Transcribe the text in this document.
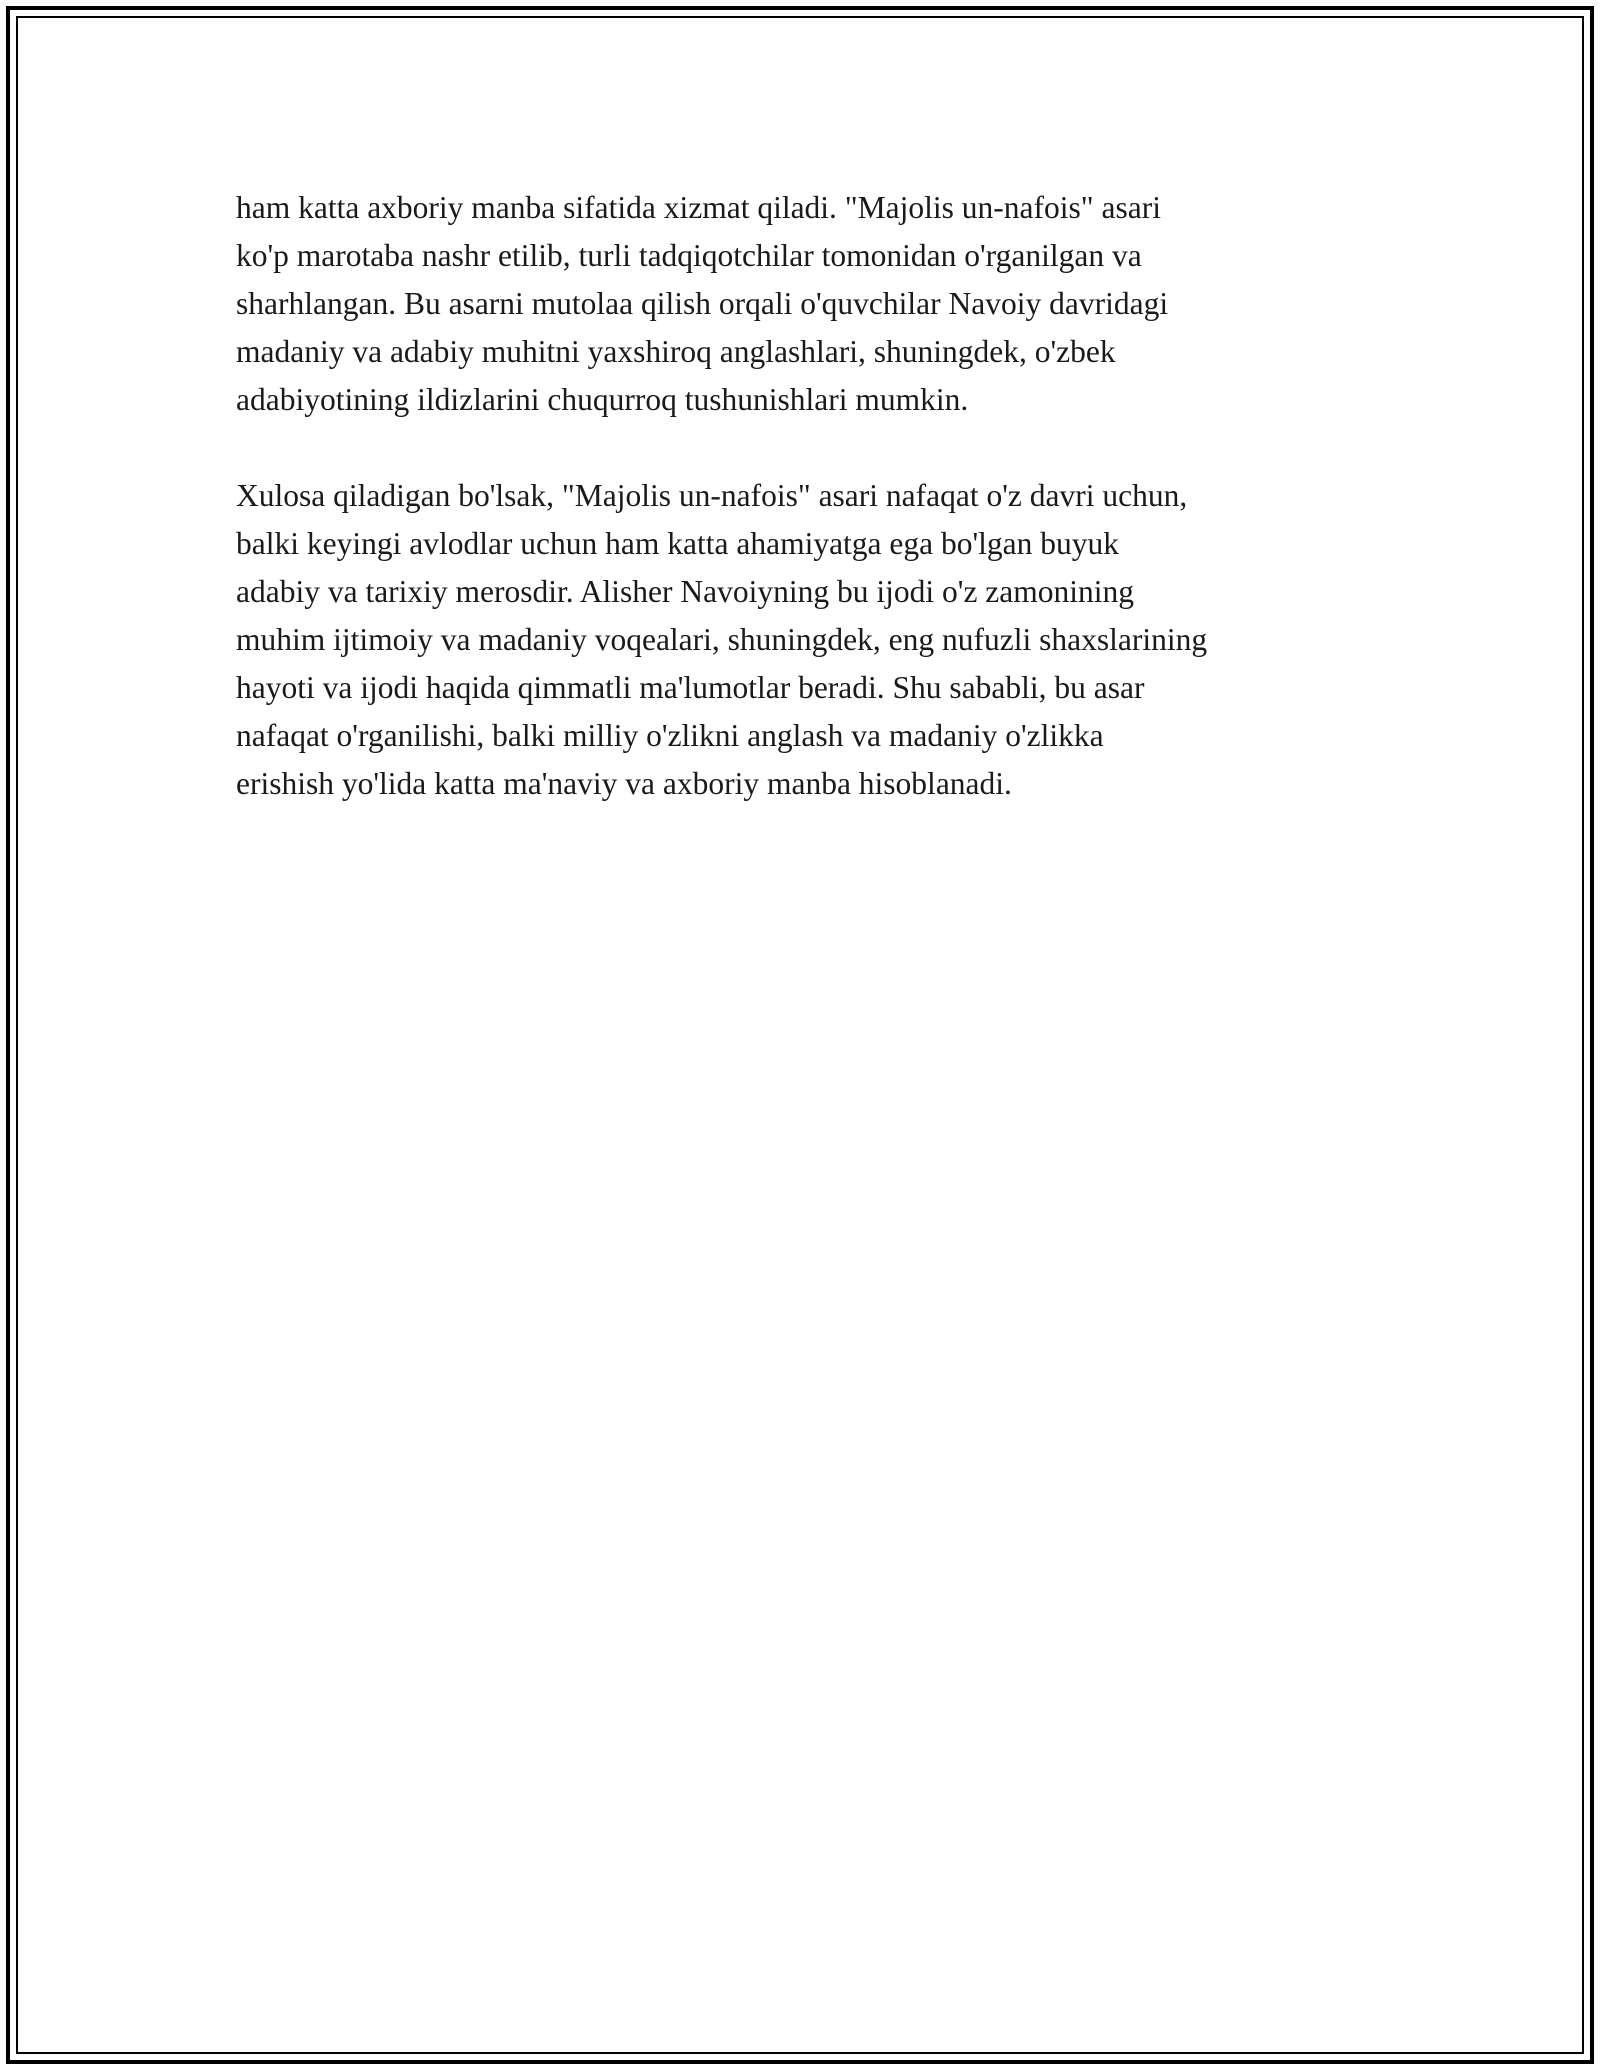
ham katta axboriy manba sifatida xizmat qiladi. "Majolis un-nafois" asari
ko'p marotaba nashr etilib, turli tadqiqotchilar tomonidan o'rganilgan va
sharhlangan. Bu asarni mutolaa qilish orqali o'quvchilar Navoiy davridagi
madaniy va adabiy muhitni yaxshiroq anglashlari, shuningdek, o'zbek
adabiyotining ildizlarini chuqurroq tushunishlari mumkin.

Xulosa qiladigan bo'lsak, "Majolis un-nafois" asari nafaqat o'z davri uchun,
balki keyingi avlodlar uchun ham katta ahamiyatga ega bo'lgan buyuk
adabiy va tarixiy merosdir. Alisher Navoiyning bu ijodi o'z zamonining
muhim ijtimoiy va madaniy voqealari, shuningdek, eng nufuzli shaxslarining
hayoti va ijodi haqida qimmatli ma'lumotlar beradi. Shu sababli, bu asar
nafaqat o'rganilishi, balki milliy o'zlikni anglash va madaniy o'zlikka
erishish yo'lida katta ma'naviy va axboriy manba hisoblanadi.
